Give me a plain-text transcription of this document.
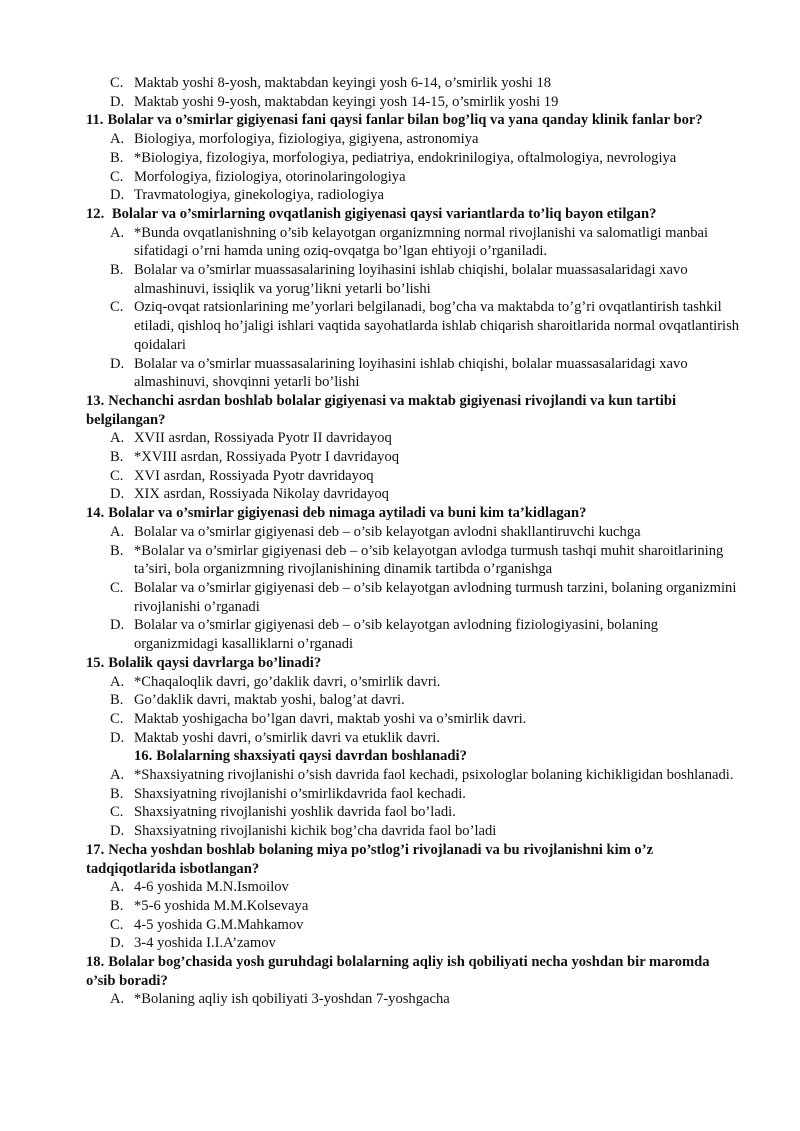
C. Maktab yoshi 8-yosh, maktabdan keyingi yosh 6-14, o’smirlik yoshi 18
D. Maktab yoshi 9-yosh, maktabdan keyingi yosh 14-15, o’smirlik yoshi 19

11. Bolalar va o’smirlar gigiyenasi fani qaysi fanlar bilan bog’liq va yana qanday klinik fanlar bor?

A. Biologiya, morfologiya, fiziologiya, gigiyena, astronomiya
B. *Biologiya, fizologiya, morfologiya, pediatriya, endokrinilogiya, oftalmologiya, nevrologiya
C. Morfologiya, fiziologiya, otorinolaringologiya
D. Travmatologiya, ginekologiya, radiologiya

12. Bolalar va o’smirlarning ovqatlanish gigiyenasi qaysi variantlarda to’liq bayon etilgan?

A. *Bunda ovqatlanishning o’sib kelayotgan organizmning normal rivojlanishi va salomatligi manbai sifatidagi o’rni hamda uning oziq-ovqatga bo’lgan ehtiyoji o’rganiladi.
B. Bolalar va o’smirlar muassasalarining loyihasini ishlab chiqishi, bolalar muassasalaridagi xavo almashinuvi, issiqlik va yorug’likni yetarli bo’lishi
C. Oziq-ovqat ratsionlarining me’yorlari belgilanadi, bog’cha va maktabda to’g’ri ovqatlantirish tashkil etiladi, qishloq ho’jaligi ishlari vaqtida sayohatlarda ishlab chiqarish sharoitlarida normal ovqatlantirish qoidalari
D. Bolalar va o’smirlar muassasalarining loyihasini ishlab chiqishi, bolalar muassasalaridagi xavo almashinuvi, shovqinni yetarli bo’lishi

13. Nechanchi asrdan boshlab bolalar gigiyenasi va maktab gigiyenasi rivojlandi va kun tartibi belgilangan?

A. XVII asrdan, Rossiyada Pyotr II davridayoq
B. *XVIII asrdan, Rossiyada Pyotr I davridayoq
C. XVI asrdan, Rossiyada Pyotr davridayoq
D. XIX asrdan, Rossiyada Nikolay davridayoq

14. Bolalar va o’smirlar gigiyenasi deb nimaga aytiladi va buni kim ta’kidlagan?

A. Bolalar va o’smirlar gigiyenasi deb – o’sib kelayotgan avlodni shakllantiruvchi kuchga
B. *Bolalar va o’smirlar gigiyenasi deb – o’sib kelayotgan avlodga turmush tashqi muhit sharoitlarining ta’siri, bola organizmning rivojlanishining dinamik tartibda o’rganishga
C. Bolalar va o’smirlar gigiyenasi deb – o’sib kelayotgan avlodning turmush tarzini, bolaning organizmini rivojlanishi o’rganadi
D. Bolalar va o’smirlar gigiyenasi deb – o’sib kelayotgan avlodning fiziologiyasini, bolaning organizmidagi kasalliklarni o’rganadi

15. Bolalik qaysi davrlarga bo’linadi?

A. *Chaqaloqlik davri, go’daklik davri, o’smirlik davri.
B. Go’daklik davri, maktab yoshi, balog’at davri.
C. Maktab yoshigacha bo’lgan davri, maktab yoshi va o’smirlik davri.
D. Maktab yoshi davri, o’smirlik davri va etuklik davri.

16. Bolalarning shaxsiyati qaysi davrdan boshlanadi?

A. *Shaxsiyatning rivojlanishi o’sish davrida faol kechadi, psixologlar bolaning kichikligidan boshlanadi.
B. Shaxsiyatning rivojlanishi o’smirlikdavrida faol kechadi.
C. Shaxsiyatning rivojlanishi yoshlik davrida faol bo’ladi.
D. Shaxsiyatning rivojlanishi kichik bog’cha davrida faol bo’ladi

17. Necha yoshdan boshlab bolaning miya po’stlog’i rivojlanadi va bu rivojlanishni kim o’z tadqiqotlarida isbotlangan?

A. 4-6 yoshida M.N.Ismoilov
B. *5-6 yoshida M.M.Kolsevaya
C. 4-5 yoshida G.M.Mahkamov
D. 3-4 yoshida I.I.A’zamov

18. Bolalar bog’chasida yosh guruhdagi bolalarning aqliy ish qobiliyati necha yoshdan bir maromda o’sib boradi?

A. *Bolaning aqliy ish qobiliyati 3-yoshdan 7-yoshgacha
